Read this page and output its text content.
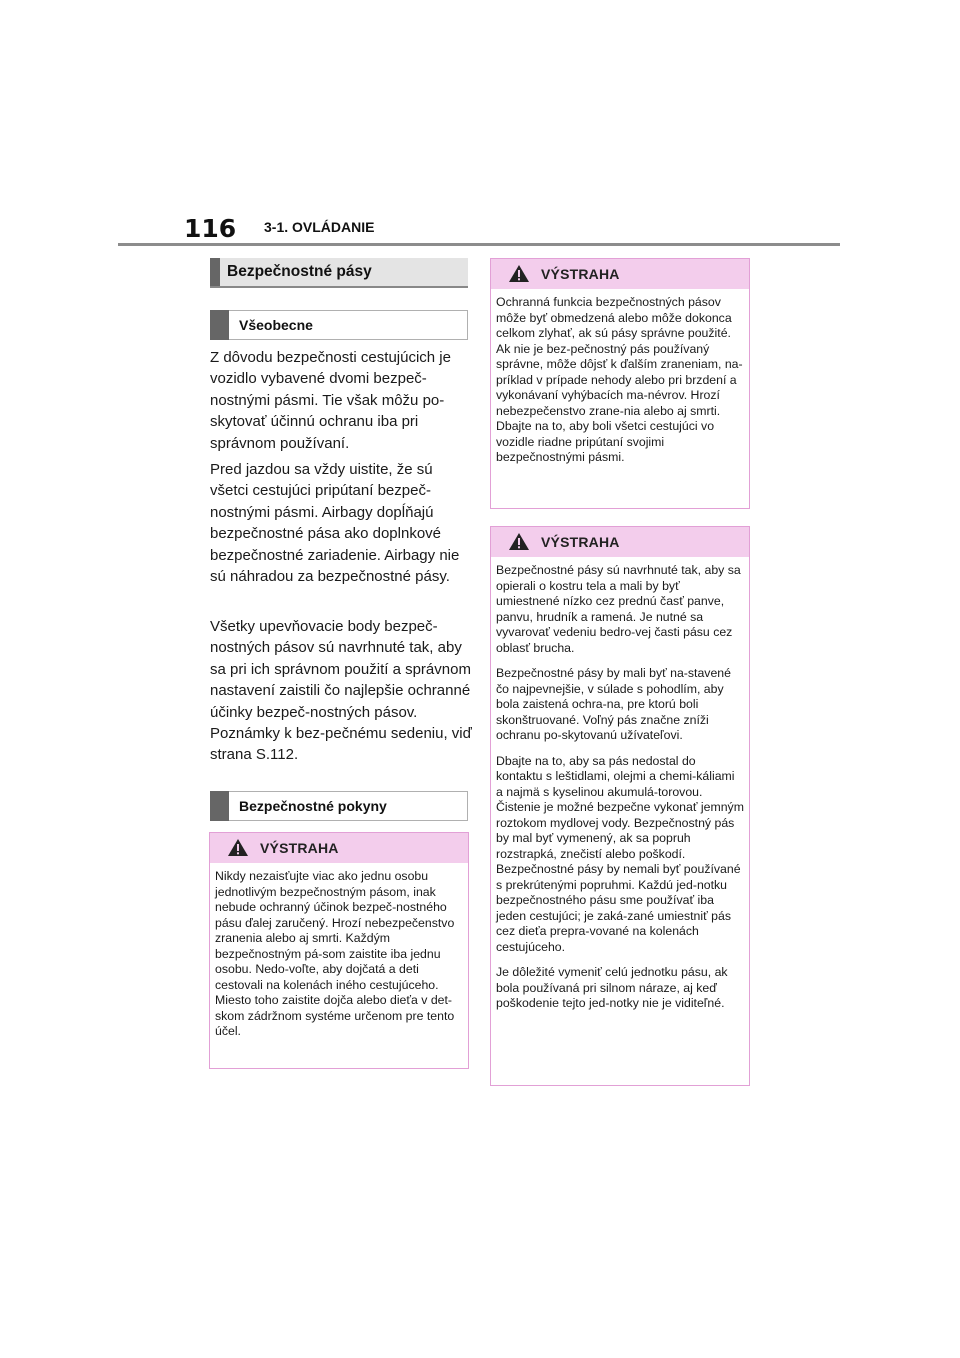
116 3-1. OVLÁDANIE
Bezpečnostné pásy
Všeobecne

Z dôvodu bezpečnosti cestujúcich je vozidlo vybavené dvomi bezpeč-nostnými pásmi. Tie však môžu po-skytovať účinnú ochranu iba pri správnom používaní.

Pred jazdou sa vždy uistite, že sú všetci cestujúci pripútaní bezpeč-nostnými pásmi. Airbagy dopĺňajú bezpečnostné pása ako doplnkové bezpečnostné zariadenie. Airbagy nie sú náhradou za bezpečnostné pásy.

Všetky upevňovacie body bezpeč-nostných pásov sú navrhnuté tak, aby sa pri ich správnom použití a správnom nastavení zaistili čo najlepšie ochranné účinky bezpeč-nostných pásov. Poznámky k bez-pečnému sedeniu, viď strana S.112.

Bezpečnostné pokyny
VÝSTRAHA

Nikdy nezaisťujte viac ako jednu osobu jednotlivým bezpečnostným pásom, inak nebude ochranný účinok bezpeč-nostného pásu ďalej zaručený. Hrozí nebezpečenstvo zranenia alebo aj smrti. Každým bezpečnostným pá-som zaistite iba jednu osobu. Nedo-voľte, aby dojčatá a deti cestovali na kolenách iného cestujúceho. Miesto toho zaistite dojča alebo dieťa v det-skom zádržnom systéme určenom pre tento účel.

VÝSTRAHA

Ochranná funkcia bezpečnostných pásov môže byť obmedzená alebo môže dokonca celkom zlyhať, ak sú pásy správne použité. Ak nie je bez-pečnostný pás používaný správne, môže dôjsť k ďalším zraneniam, na-príklad v prípade nehody alebo pri brzdení a vykonávaní vyhýbacích ma-névrov. Hrozí nebezpečenstvo zrane-nia alebo aj smrti. Dbajte na to, aby boli všetci cestujúci vo vozidle riadne pripútaní svojimi bezpečnostnými pásmi.

VÝSTRAHA

Bezpečnostné pásy sú navrhnuté tak, aby sa opierali o kostru tela a mali by byť umiestnené nízko cez prednú časť panve, panvu, hrudník a ramená. Je nutné sa vyvarovať vedeniu bedro-vej časti pásu cez oblasť brucha.

Bezpečnostné pásy by mali byť na-stavené čo najpevnejšie, v súlade s pohodlím, aby bola zaistená ochra-na, pre ktorú boli skonštruované. Voľný pás značne zníži ochranu po-skytovanú užívateľovi.

Dbajte na to, aby sa pás nedostal do kontaktu s leštidlami, olejmi a chemi-káliami a najmä s kyselinou akumulá-torovou. Čistenie je možné bezpečne vykonať jemným roztokom mydlovej vody. Bezpečnostný pás by mal byť vymenený, ak sa popruh rozstrapká, znečistí alebo poškodí. Bezpečnostné pásy by nemali byť používané s prekrútenými popruhmi. Každú jed-notku bezpečnostného pásu sme používať iba jeden cestujúci; je zaká-zané umiestniť pás cez dieťa prepra-vované na kolenách cestujúceho.

Je dôležité vymeniť celú jednotku pásu, ak bola používaná pri silnom náraze, aj keď poškodenie tejto jed-notky nie je viditeľné.
